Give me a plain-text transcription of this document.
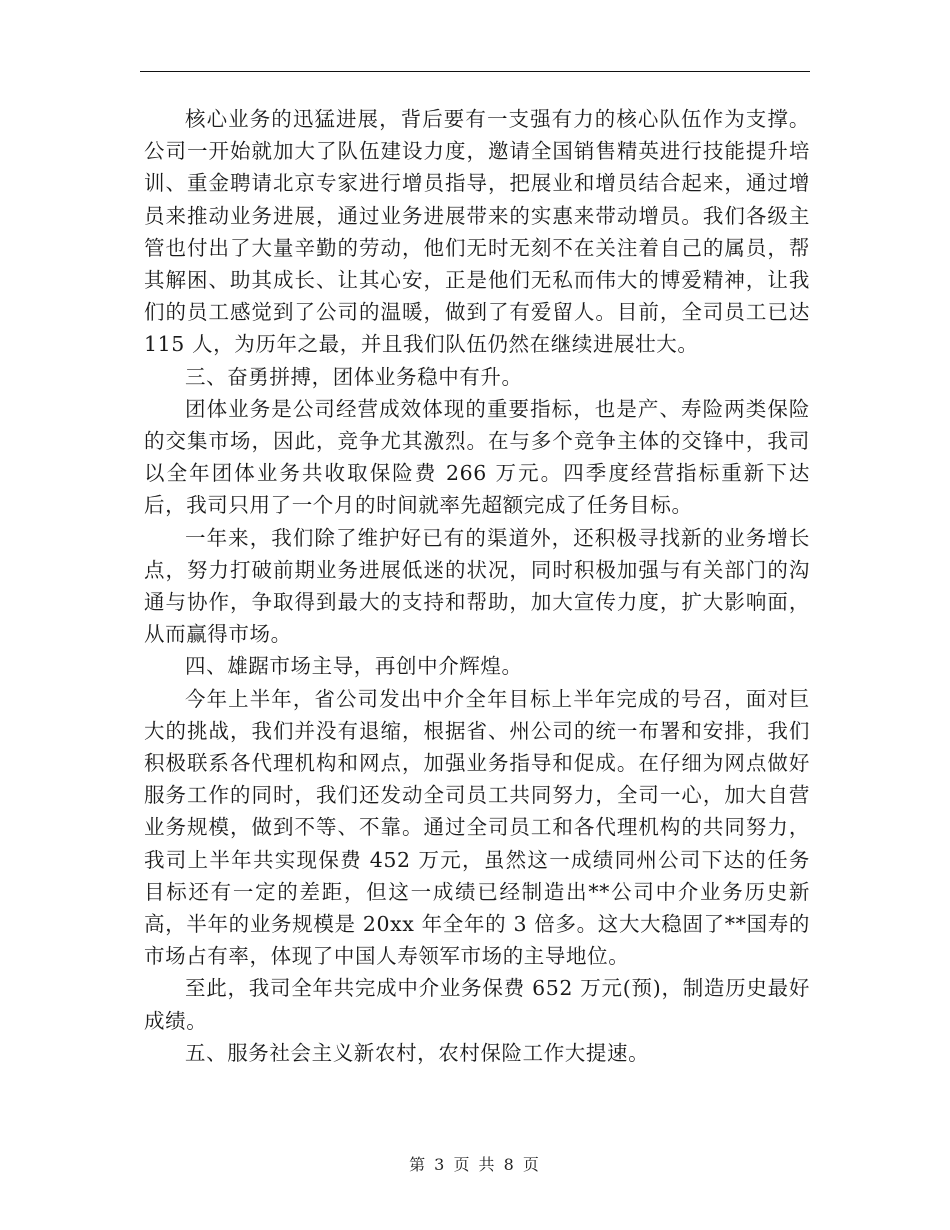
核心业务的迅猛进展，背后要有一支强有力的核心队伍作为支撑。公司一开始就加大了队伍建设力度，邀请全国销售精英进行技能提升培训、重金聘请北京专家进行增员指导，把展业和增员结合起来，通过增员来推动业务进展，通过业务进展带来的实惠来带动增员。我们各级主管也付出了大量辛勤的劳动，他们无时无刻不在关注着自己的属员，帮其解困、助其成长、让其心安，正是他们无私而伟大的博爱精神，让我们的员工感觉到了公司的温暖，做到了有爱留人。目前，全司员工已达 115 人，为历年之最，并且我们队伍仍然在继续进展壮大。

三、奋勇拼搏，团体业务稳中有升。

团体业务是公司经营成效体现的重要指标，也是产、寿险两类保险的交集市场，因此，竞争尤其激烈。在与多个竞争主体的交锋中，我司以全年团体业务共收取保险费 266 万元。四季度经营指标重新下达后，我司只用了一个月的时间就率先超额完成了任务目标。

一年来，我们除了维护好已有的渠道外，还积极寻找新的业务增长点，努力打破前期业务进展低迷的状况，同时积极加强与有关部门的沟通与协作，争取得到最大的支持和帮助，加大宣传力度，扩大影响面，从而赢得市场。

四、雄踞市场主导，再创中介辉煌。

今年上半年，省公司发出中介全年目标上半年完成的号召，面对巨大的挑战，我们并没有退缩，根据省、州公司的统一布署和安排，我们积极联系各代理机构和网点，加强业务指导和促成。在仔细为网点做好服务工作的同时，我们还发动全司员工共同努力，全司一心，加大自营业务规模，做到不等、不靠。通过全司员工和各代理机构的共同努力，我司上半年共实现保费 452 万元，虽然这一成绩同州公司下达的任务目标还有一定的差距，但这一成绩已经制造出**公司中介业务历史新高，半年的业务规模是 20xx 年全年的 3 倍多。这大大稳固了**国寿的市场占有率，体现了中国人寿领军市场的主导地位。

至此，我司全年共完成中介业务保费 652 万元(预)，制造历史最好成绩。

五、服务社会主义新农村，农村保险工作大提速。

第 3 页 共 8 页
